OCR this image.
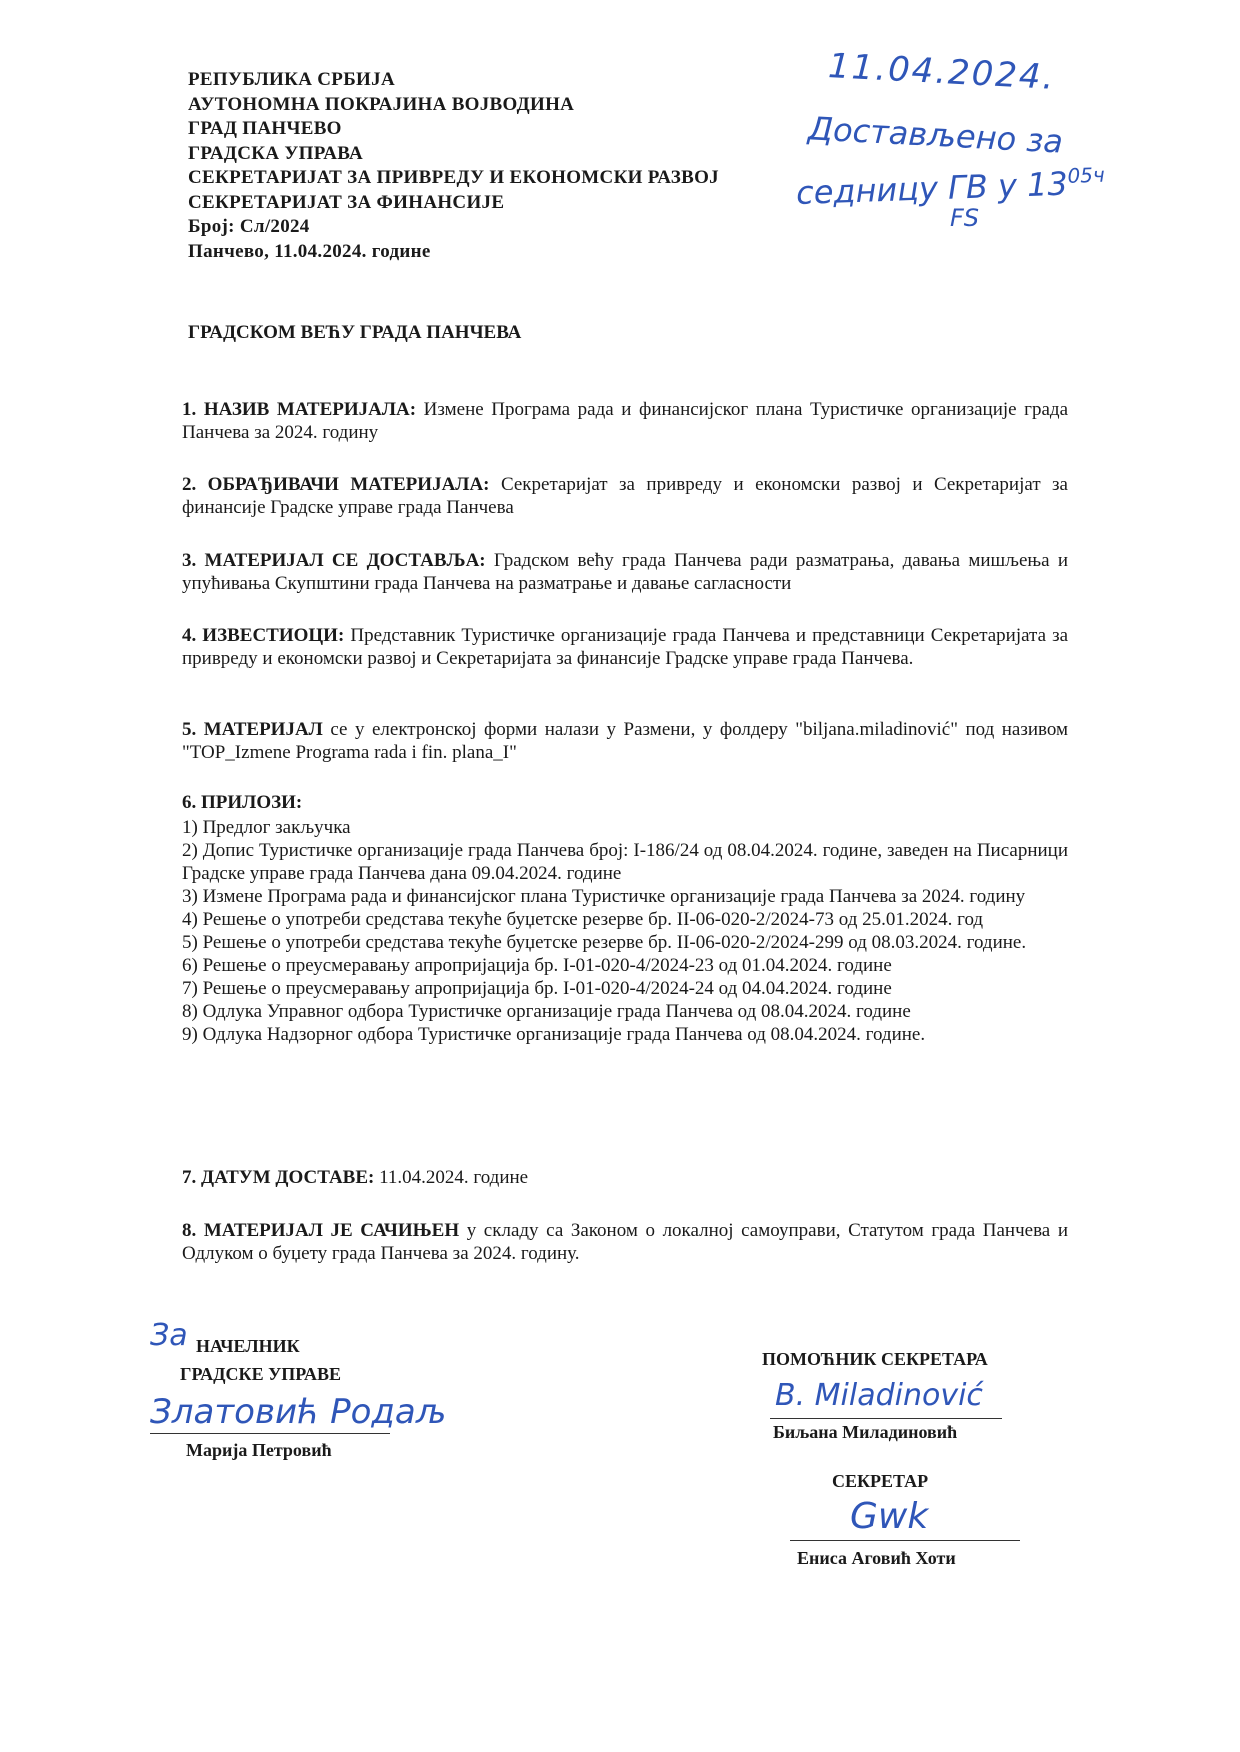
РЕПУБЛИКА СРБИЈА
АУТОНОМНА ПОКРАЈИНА ВОЈВОДИНА
ГРАД ПАНЧЕВО
ГРАДСКА УПРАВА
СЕКРЕТАРИЈАТ ЗА ПРИВРЕДУ И ЕКОНОМСКИ РАЗВОЈ
СЕКРЕТАРИЈАТ ЗА ФИНАНСИЈЕ
Број: Сл/2024
Панчево, 11.04.2024. године
11.04.2024.
Достављено за
седницу ГВ у $13^{05ч}$
FS
ГРАДСКОМ ВЕЋУ ГРАДА ПАНЧЕВА
1. НАЗИВ МАТЕРИЈАЛА: Измене Програма рада и финансијског плана Туристичке организације града Панчева за 2024. годину
2. ОБРАЂИВАЧИ МАТЕРИЈАЛА: Секретаријат за привреду и економски развој и Секретаријат за финансије Градске управе града Панчева
3. МАТЕРИЈАЛ СЕ ДОСТАВЉА: Градском већу града Панчева ради разматрања, давања мишљења и упућивања Скупштини града Панчева на разматрање и давање сагласности
4. ИЗВЕСТИОЦИ: Представник Туристичке организације града Панчева и представници Секретаријата за привреду и економски развој и Секретаријата за финансије Градске управе града Панчева.
5. МАТЕРИЈАЛ се у електронској форми налази у Размени, у фолдеру "biljana.miladinović" под називом "TOP_Izmene Programa rada i fin. plana_I"
6. ПРИЛОЗИ:
1) Предлог закључка
2) Допис Туристичке организације града Панчева број: I-186/24 од 08.04.2024. године, заведен на Писарници Градске управе града Панчева дана 09.04.2024. године
3) Измене Програма рада и финансијског плана Туристичке организације града Панчева за 2024. годину
4) Решење о употреби средстава текуће буџетске резерве бр. II-06-020-2/2024-73 од 25.01.2024. год
5) Решење о употреби средстава текуће буџетске резерве бр. II-06-020-2/2024-299 од 08.03.2024. године.
6) Решење о преусмеравању апропријација бр. I-01-020-4/2024-23 од 01.04.2024. године
7) Решење о преусмеравању апропријација бр. I-01-020-4/2024-24 од 04.04.2024. године
8) Одлука Управног одбора Туристичке организације града Панчева од 08.04.2024. године
9) Одлука Надзорног одбора Туристичке организације града Панчева од 08.04.2024. године.
7. ДАТУМ ДОСТАВЕ: 11.04.2024. године
8. МАТЕРИЈАЛ ЈЕ САЧИЊЕН у складу са Законом о локалној самоуправи, Статутом града Панчева и Одлуком о буџету града Панчева за 2024. годину.
За НАЧЕЛНИК
ГРАДСКЕ УПРАВЕ
Златовић Родаљ
Марија Петровић
ПОМОЋНИК СЕКРЕТАРА
B. Miladinović
Биљана Миладиновић
СЕКРЕТАР
Gwk
Ениса Аговић Хоти
